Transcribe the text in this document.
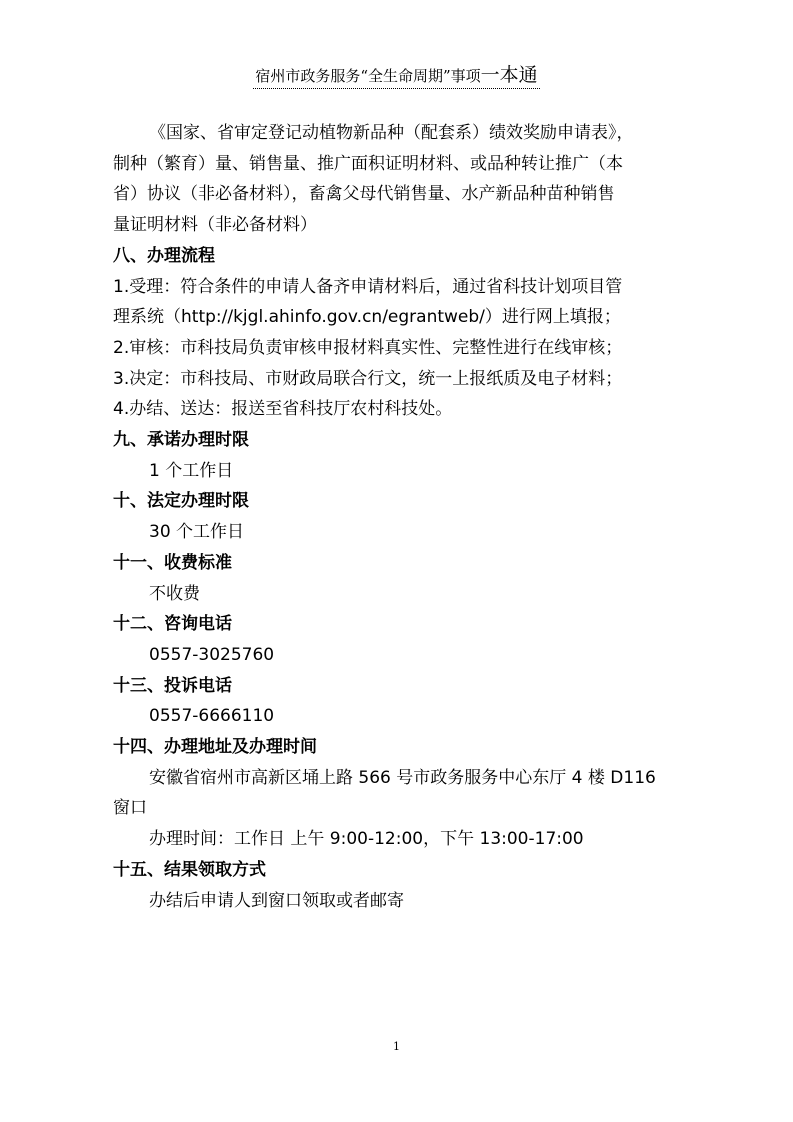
宿州市政务服务“全生命周期”事项一本通

《国家、省审定登记动植物新品种（配套系）绩效奖励申请表》，

制种（繁育）量、销售量、推广面积证明材料、或品种转让推广（本

省）协议（非必备材料），畜禽父母代销售量、水产新品种苗种销售

量证明材料（非必备材料）

八、办理流程

1.受理：符合条件的申请人备齐申请材料后，通过省科技计划项目管

理系统（http://kjgl.ahinfo.gov.cn/egrantweb/）进行网上填报；

2.审核：市科技局负责审核申报材料真实性、完整性进行在线审核；

3.决定：市科技局、市财政局联合行文，统一上报纸质及电子材料；

4.办结、送达：报送至省科技厅农村科技处。

九、承诺办理时限

1 个工作日

十、法定办理时限

30 个工作日

十一、收费标准

不收费

十二、咨询电话

0557-3025760

十三、投诉电话

0557-6666110

十四、办理地址及办理时间

安徽省宿州市高新区埇上路 566 号市政务服务中心东厅 4 楼 D116

窗口

办理时间：工作日 上午 9:00-12:00，下午 13:00-17:00

十五、结果领取方式

办结后申请人到窗口领取或者邮寄

1
